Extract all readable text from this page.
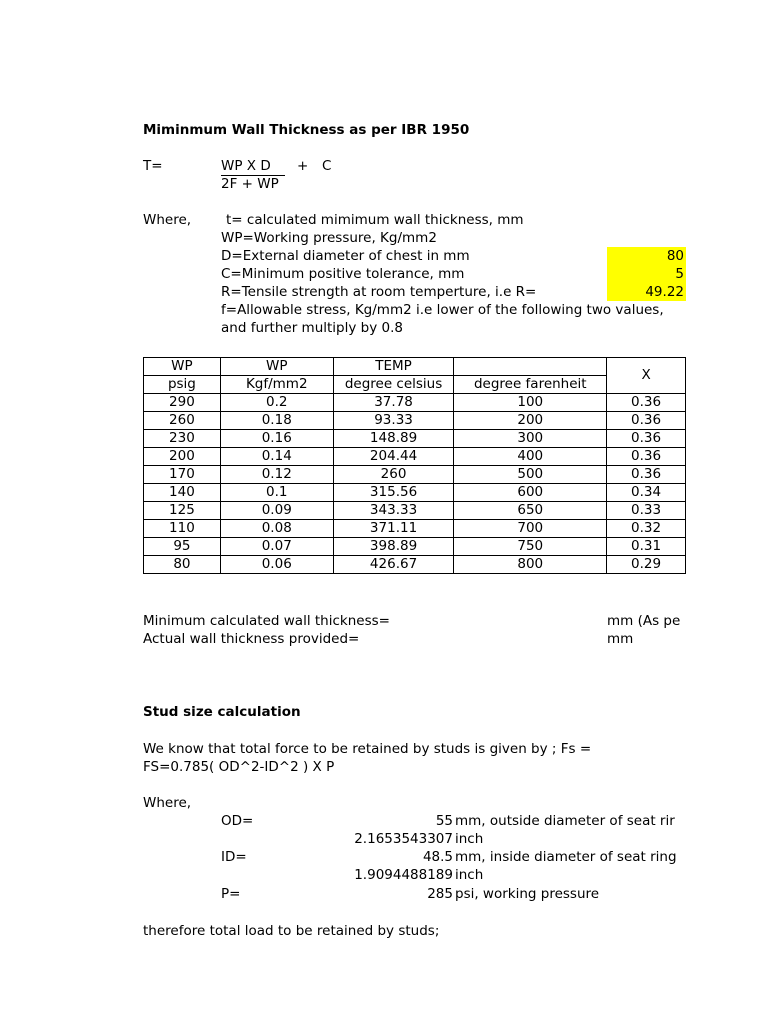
Miminmum Wall Thickness as per IBR 1950
T=	WP X D + C
2F + WP
Where,	t= calculated mimimum wall thickness, mm
WP=Working pressure, Kg/mm2
D=External diameter of chest in mm	80
C=Minimum positive tolerance, mm	5
R=Tensile strength at room temperture, i.e R=	49.22
f=Allowable stress, Kg/mm2 i.e lower of the following two values,
and further multiply by 0.8
WP	WP	TEMP		X
psig	Kgf/mm2	degree celsius	degree farenheit	
290	0.2	37.78	100	0.36
260	0.18	93.33	200	0.36
230	0.16	148.89	300	0.36
200	0.14	204.44	400	0.36
170	0.12	260	500	0.36
140	0.1	315.56	600	0.34
125	0.09	343.33	650	0.33
110	0.08	371.11	700	0.32
95	0.07	398.89	750	0.31
80	0.06	426.67	800	0.29
Minimum calculated wall thickness=	mm (As pe
Actual wall thickness provided=	mm
Stud size calculation
We know that total force to be retained by studs is given by ; Fs =
FS=0.785( OD^2-ID^2 ) X P
Where,
OD=	55 mm, outside diameter of seat rir
2.1653543307 inch
ID=	48.5 mm, inside diameter of seat ring
1.9094488189 inch
P=	285 psi, working pressure
therefore total load to be retained by studs;
